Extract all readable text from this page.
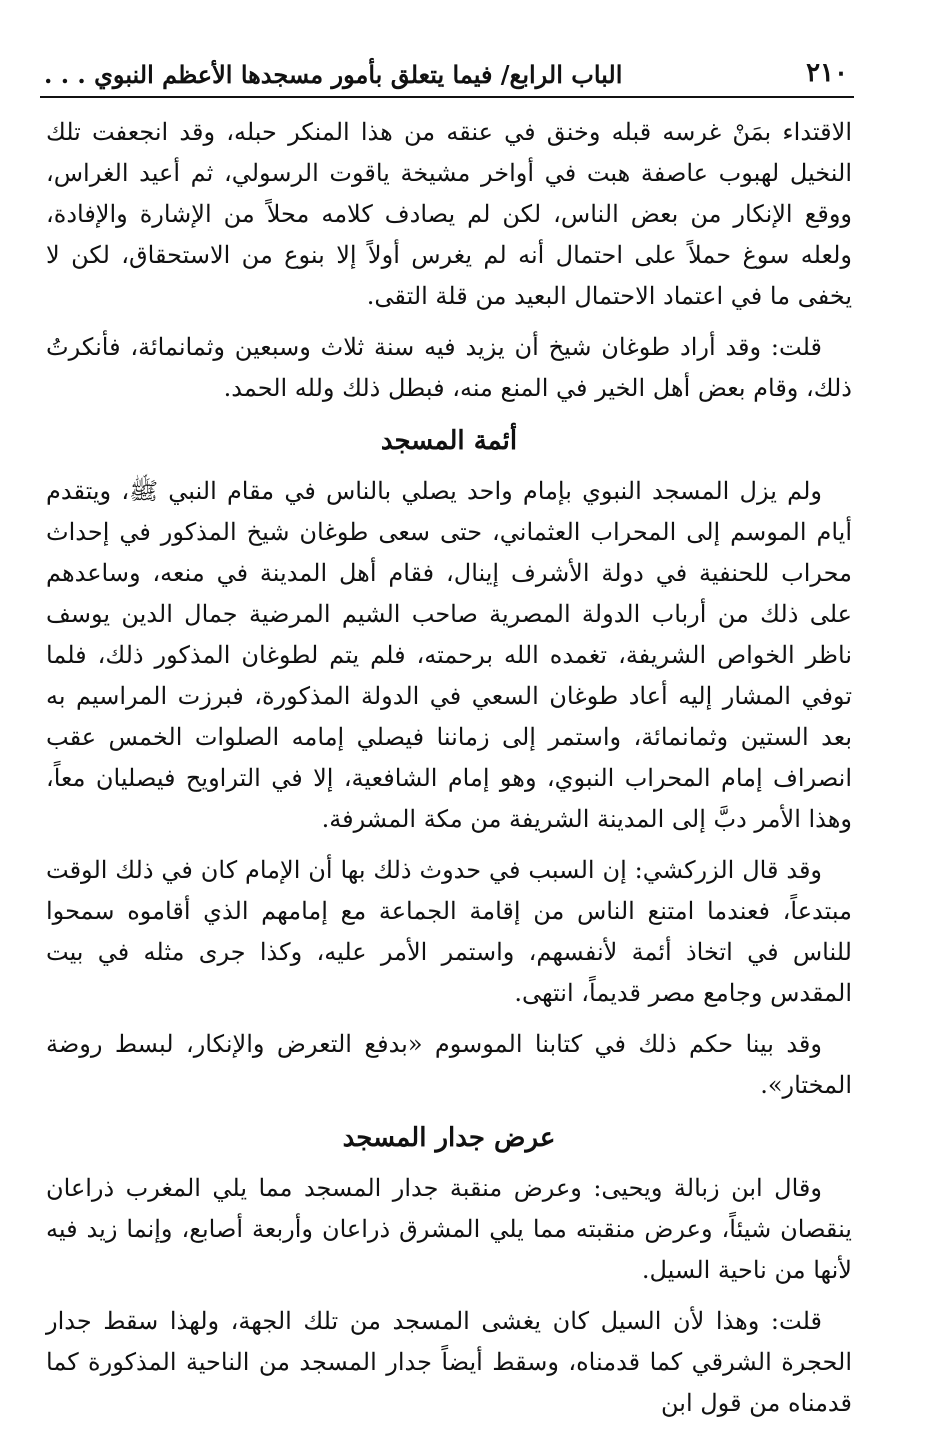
٢١٠
الباب الرابع/ فيما يتعلق بأمور مسجدها الأعظم النبوي . . .

الاقتداء بمَنْ غرسه قبله وخنق في عنقه من هذا المنكر حبله، وقد انجعفت تلك النخيل لهبوب عاصفة هبت في أواخر مشيخة ياقوت الرسولي، ثم أعيد الغراس، ووقع الإنكار من بعض الناس، لكن لم يصادف كلامه محلاً من الإشارة والإفادة، ولعله سوغ حملاً على احتمال أنه لم يغرس أولاً إلا بنوع من الاستحقاق، لكن لا يخفى ما في اعتماد الاحتمال البعيد من قلة التقى.

قلت: وقد أراد طوغان شيخ أن يزيد فيه سنة ثلاث وسبعين وثمانمائة، فأنكرتُ ذلك، وقام بعض أهل الخير في المنع منه، فبطل ذلك ولله الحمد.

أئمة المسجد

ولم يزل المسجد النبوي بإمام واحد يصلي بالناس في مقام النبي ﷺ، ويتقدم أيام الموسم إلى المحراب العثماني، حتى سعى طوغان شيخ المذكور في إحداث محراب للحنفية في دولة الأشرف إينال، فقام أهل المدينة في منعه، وساعدهم على ذلك من أرباب الدولة المصرية صاحب الشيم المرضية جمال الدين يوسف ناظر الخواص الشريفة، تغمده الله برحمته، فلم يتم لطوغان المذكور ذلك، فلما توفي المشار إليه أعاد طوغان السعي في الدولة المذكورة، فبرزت المراسيم به بعد الستين وثمانمائة، واستمر إلى زماننا فيصلي إمامه الصلوات الخمس عقب انصراف إمام المحراب النبوي، وهو إمام الشافعية، إلا في التراويح فيصليان معاً، وهذا الأمر دبَّ إلى المدينة الشريفة من مكة المشرفة.

وقد قال الزركشي: إن السبب في حدوث ذلك بها أن الإمام كان في ذلك الوقت مبتدعاً، فعندما امتنع الناس من إقامة الجماعة مع إمامهم الذي أقاموه سمحوا للناس في اتخاذ أئمة لأنفسهم، واستمر الأمر عليه، وكذا جرى مثله في بيت المقدس وجامع مصر قديماً، انتهى.

وقد بينا حكم ذلك في كتابنا الموسوم «بدفع التعرض والإنكار، لبسط روضة المختار».

عرض جدار المسجد

وقال ابن زبالة ويحيى: وعرض منقبة جدار المسجد مما يلي المغرب ذراعان ينقصان شيئاً، وعرض منقبته مما يلي المشرق ذراعان وأربعة أصابع، وإنما زيد فيه لأنها من ناحية السيل.

قلت: وهذا لأن السيل كان يغشى المسجد من تلك الجهة، ولهذا سقط جدار الحجرة الشرقي كما قدمناه، وسقط أيضاً جدار المسجد من الناحية المذكورة كما قدمناه من قول ابن
